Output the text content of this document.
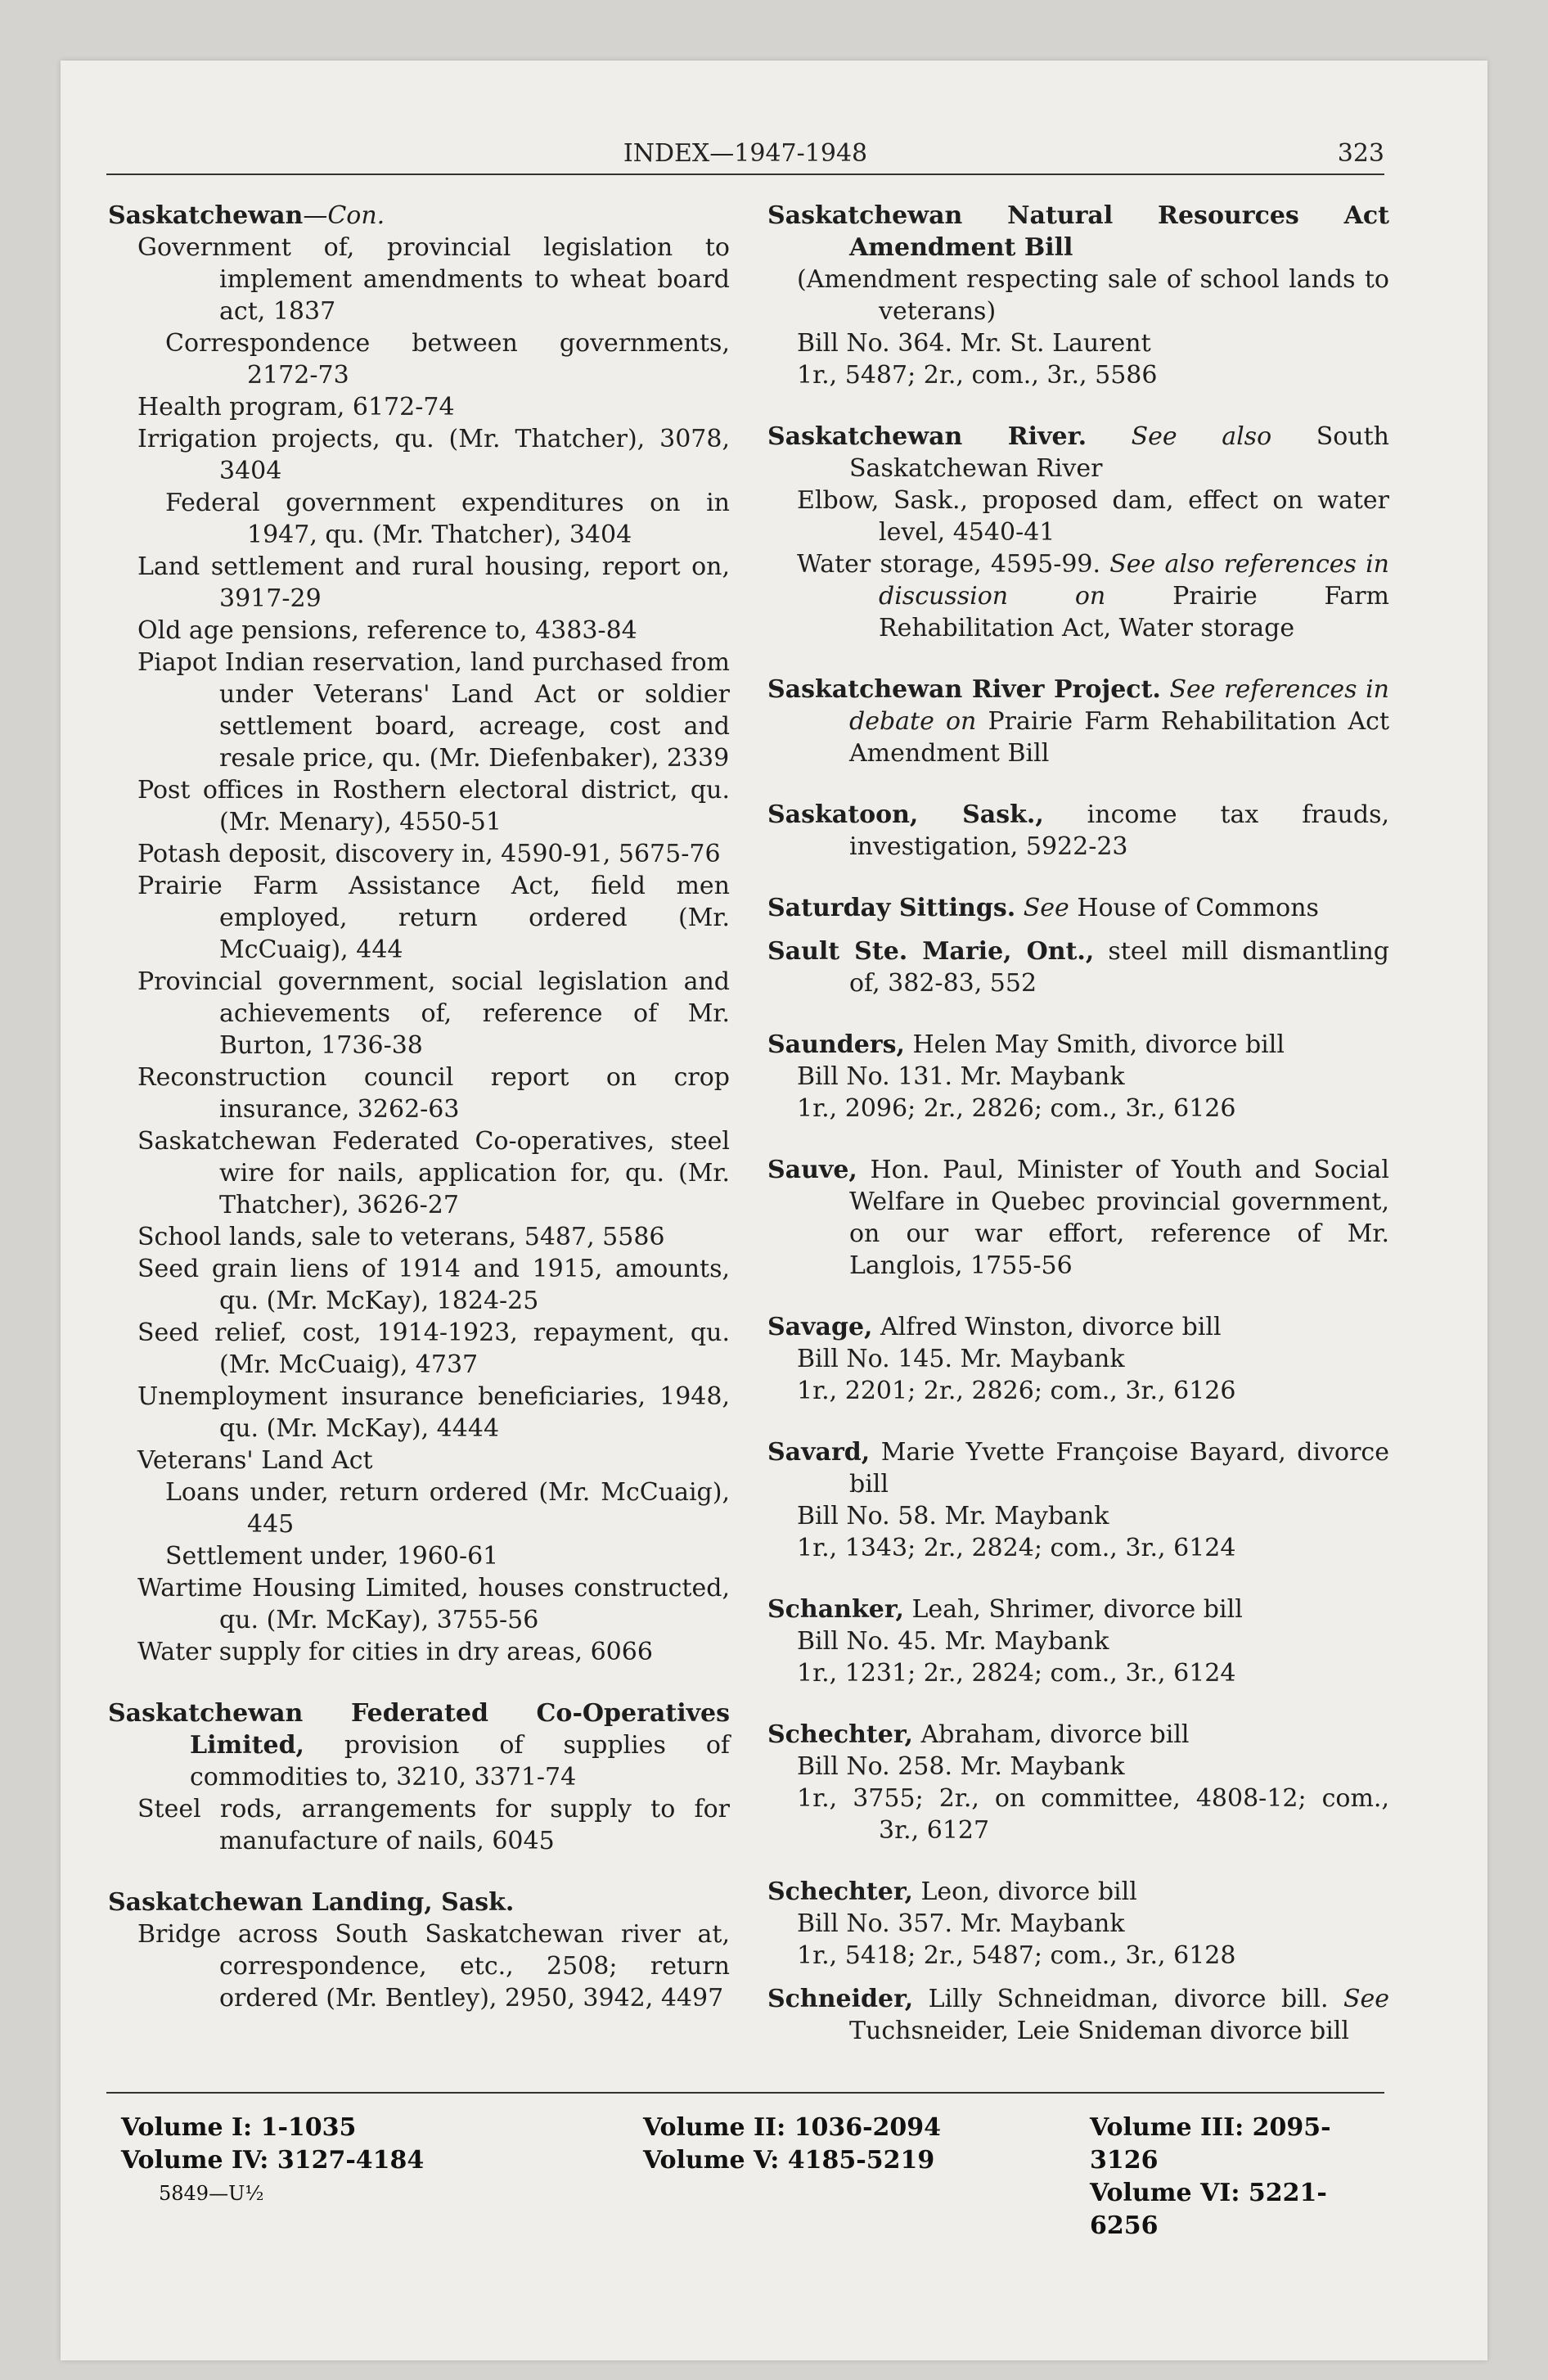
INDEX—1947-1948	323
Saskatchewan—Con.
Government of, provincial legislation to implement amendments to wheat board act, 1837
Correspondence between governments, 2172-73
Health program, 6172-74
Irrigation projects, qu. (Mr. Thatcher), 3078, 3404
Federal government expenditures on in 1947, qu. (Mr. Thatcher), 3404
Land settlement and rural housing, report on, 3917-29
Old age pensions, reference to, 4383-84
Piapot Indian reservation, land purchased from under Veterans' Land Act or soldier settlement board, acreage, cost and resale price, qu. (Mr. Diefenbaker), 2339
Post offices in Rosthern electoral district, qu. (Mr. Menary), 4550-51
Potash deposit, discovery in, 4590-91, 5675-76
Prairie Farm Assistance Act, field men employed, return ordered (Mr. McCuaig), 444
Provincial government, social legislation and achievements of, reference of Mr. Burton, 1736-38
Reconstruction council report on crop insurance, 3262-63
Saskatchewan Federated Co-operatives, steel wire for nails, application for, qu. (Mr. Thatcher), 3626-27
School lands, sale to veterans, 5487, 5586
Seed grain liens of 1914 and 1915, amounts, qu. (Mr. McKay), 1824-25
Seed relief, cost, 1914-1923, repayment, qu. (Mr. McCuaig), 4737
Unemployment insurance beneficiaries, 1948, qu. (Mr. McKay), 4444
Veterans' Land Act
Loans under, return ordered (Mr. McCuaig), 445
Settlement under, 1960-61
Wartime Housing Limited, houses constructed, qu. (Mr. McKay), 3755-56
Water supply for cities in dry areas, 6066
Saskatchewan Federated Co-Operatives Limited, provision of supplies of commodities to, 3210, 3371-74
Steel rods, arrangements for supply to for manufacture of nails, 6045
Saskatchewan Landing, Sask.
Bridge across South Saskatchewan river at, correspondence, etc., 2508; return ordered (Mr. Bentley), 2950, 3942, 4497
Saskatchewan Natural Resources Act Amendment Bill
(Amendment respecting sale of school lands to veterans)
Bill No. 364. Mr. St. Laurent
1r., 5487; 2r., com., 3r., 5586
Saskatchewan River. See also South Saskatchewan River
Elbow, Sask., proposed dam, effect on water level, 4540-41
Water storage, 4595-99. See also references in discussion on	Prairie Farm Rehabilitation Act, Water storage
Saskatchewan River Project. See references in debate on Prairie Farm Rehabilitation Act Amendment Bill
Saskatoon, Sask., income tax frauds, investigation, 5922-23
Saturday Sittings. See House of Commons
Sault Ste. Marie, Ont., steel mill dismantling of, 382-83, 552
Saunders, Helen May Smith, divorce bill
Bill No. 131. Mr. Maybank
1r., 2096; 2r., 2826; com., 3r., 6126
Sauve, Hon. Paul, Minister of Youth and Social Welfare in Quebec provincial government, on our war effort, reference of Mr. Langlois, 1755-56
Savage, Alfred Winston, divorce bill
Bill No. 145. Mr. Maybank
1r., 2201; 2r., 2826; com., 3r., 6126
Savard, Marie Yvette Françoise Bayard, divorce bill
Bill No. 58. Mr. Maybank
1r., 1343; 2r., 2824; com., 3r., 6124
Schanker, Leah, Shrimer, divorce bill
Bill No. 45. Mr. Maybank
1r., 1231; 2r., 2824; com., 3r., 6124
Schechter, Abraham, divorce bill
Bill No. 258. Mr. Maybank
1r., 3755; 2r., on committee, 4808-12; com., 3r., 6127
Schechter, Leon, divorce bill
Bill No. 357. Mr. Maybank
1r., 5418; 2r., 5487; com., 3r., 6128
Schneider, Lilly Schneidman, divorce bill. See Tuchsneider, Leie Snideman divorce bill
Volume I: 1-1035
Volume IV: 3127-4184
5849—U½
Volume II: 1036-2094
Volume V: 4185-5219
Volume III: 2095-3126
Volume VI: 5221-6256
